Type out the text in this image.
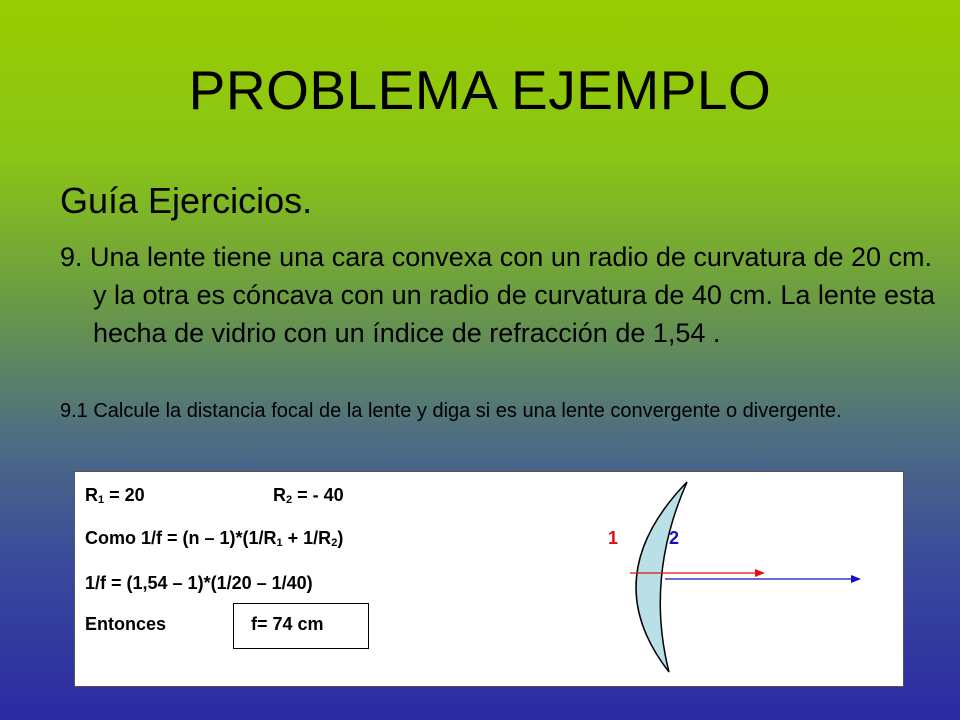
PROBLEMA EJEMPLO
Guía Ejercicios.
9. Una lente tiene una cara convexa con un radio de curvatura de 20 cm. y la otra es cóncava con un radio de curvatura de 40 cm. La lente esta hecha de vidrio con un índice de refracción de 1,54 .
9.1 Calcule la distancia focal de la lente y diga si es una lente convergente o divergente.
$R_1 = 20$	$R_2$ = - 40
Como $1/f = (n - 1)*(1/R_1 + 1/R_2)$
1/f = (1,54 – 1)*(1/20 – 1/40)
Entonces	f= 74 cm
1	2
